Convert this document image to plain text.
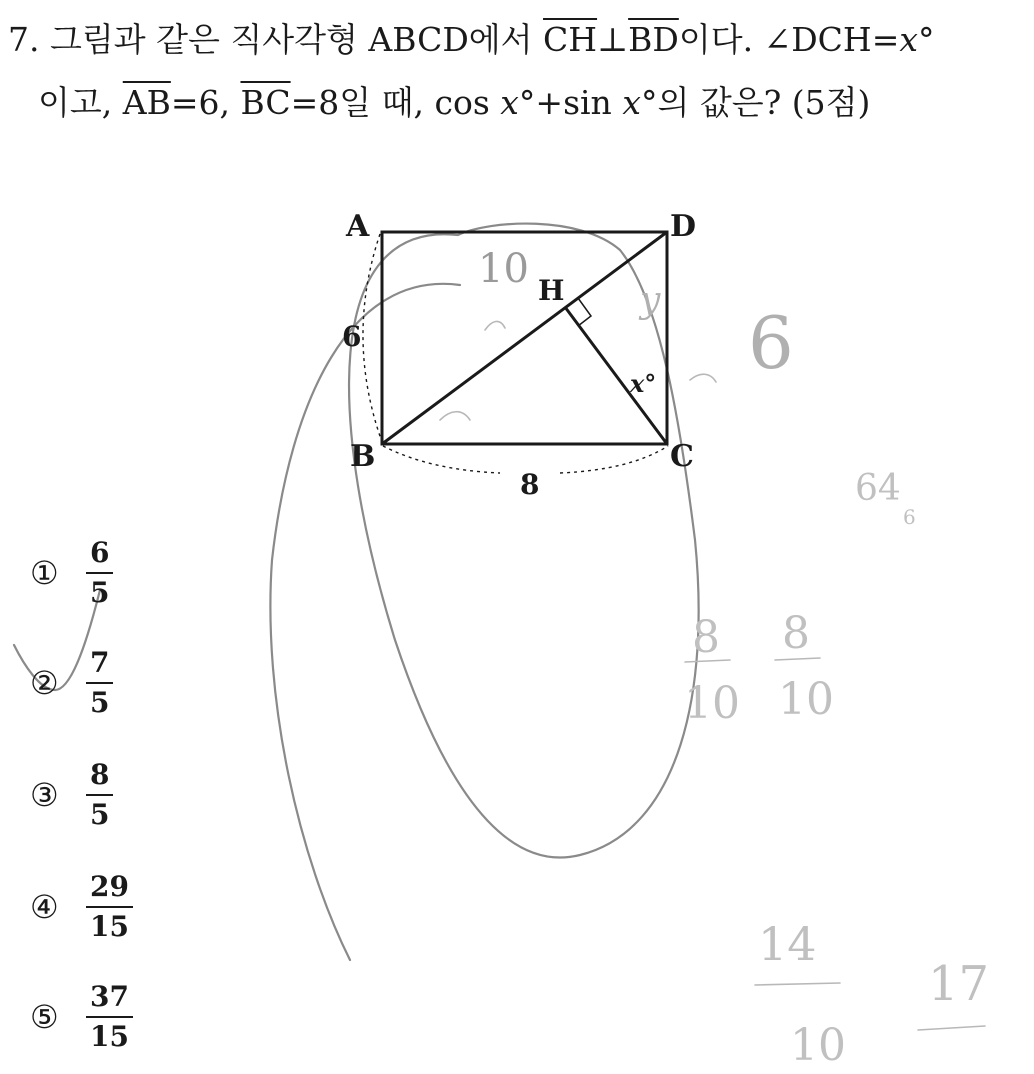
7. 그림과 같은 직사각형 ABCD에서 $\overline{CH}\perp\overline{BD}$이다. ∠DCH=x°
이고, $\overline{AB}=6$, $\overline{BC}=8$일 때, cos x°+sin x°의 값은? (5점)
A	D
B	C
H
6
8
x°
10
y
6
64
6
8
10
8
10
14
10
17
① $\frac{6}{5}$
② $\frac{7}{5}$
③ $\frac{8}{5}$
④ $\frac{29}{15}$
⑤ $\frac{37}{15}$
